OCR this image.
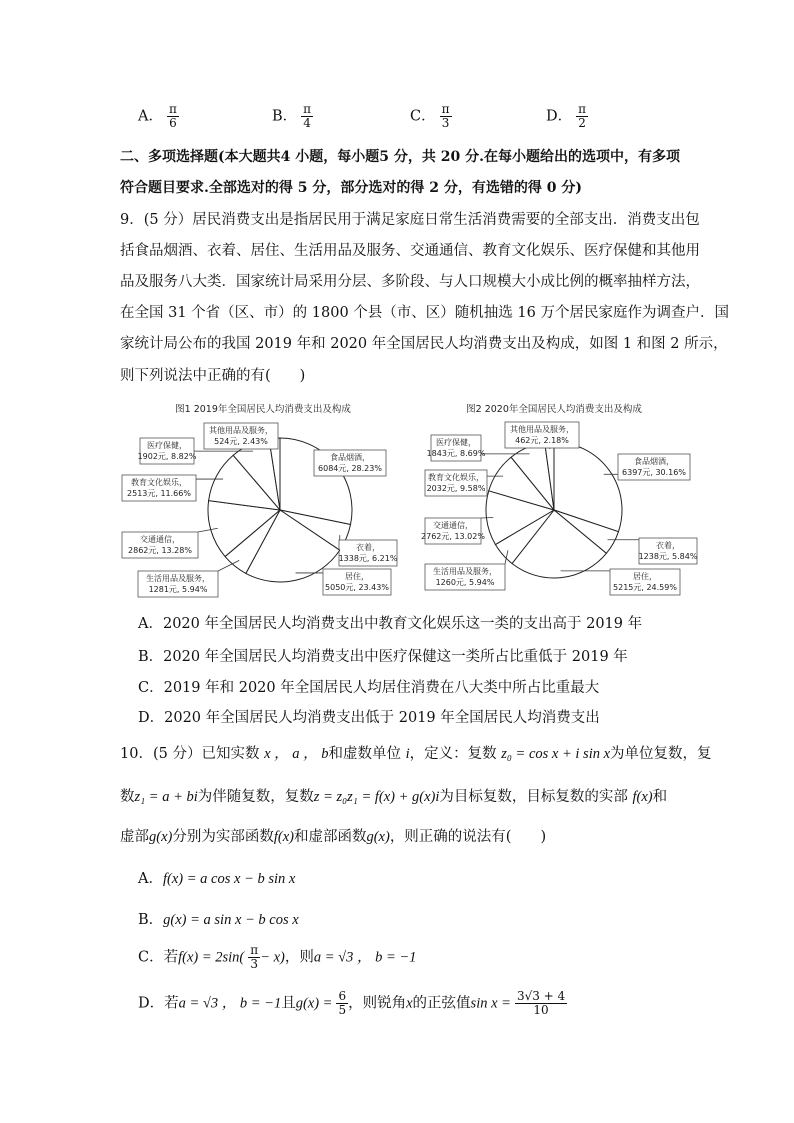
A． $\frac{\pi}{6}$	B． $\frac{\pi}{4}$	C． $\frac{\pi}{3}$	D． $\frac{\pi}{2}$
二、多项选择题(本大题共4 小题，每小题5 分，共 20 分.在每小题给出的选项中，有多项
符合题目要求.全部选对的得 5 分，部分选对的得 2 分，有选错的得 0 分)
9．(5 分）居民消费支出是指居民用于满足家庭日常生活消费需要的全部支出．消费支出包
括食品烟酒、衣着、居住、生活用品及服务、交通通信、教育文化娱乐、医疗保健和其他用
品及服务八大类．国家统计局采用分层、多阶段、与人口规模大小成比例的概率抽样方法，
在全国 31 个省（区、市）的 1800 个县（市、区）随机抽选 16 万个居民家庭作为调查户．国
家统计局公布的我国 2019 年和 2020 年全国居民人均消费支出及构成，如图 1 和图 2 所示，
则下列说法中正确的有(　　)
图1 2019年全国居民人均消费支出及构成	图2 2020年全国居民人均消费支出及构成
食品烟酒，
6084元, 28.23%
衣着，
1338元, 6.21%
居住，
5050元, 23.43%
生活用品及服务，
1281元, 5.94%
交通通信，
2862元, 13.28%
教育文化娱乐，
2513元, 11.66%
医疗保健，
1902元, 8.82%
其他用品及服务，
524元, 2.43%
食品烟酒，
6397元, 30.16%
衣着，
1238元, 5.84%
居住，
5215元, 24.59%
生活用品及服务，
1260元, 5.94%
交通通信，
2762元, 13.02%
教育文化娱乐，
2032元, 9.58%
医疗保健，
1843元, 8.69%
其他用品及服务，
462元, 2.18%
A．2020 年全国居民人均消费支出中教育文化娱乐这一类的支出高于 2019 年
B．2020 年全国居民人均消费支出中医疗保健这一类所占比重低于 2019 年
C．2019 年和 2020 年全国居民人均居住消费在八大类中所占比重最大
D．2020 年全国居民人均消费支出低于 2019 年全国居民人均消费支出
10．(5 分）已知实数 x ， a ， b和虚数单位 i，定义：复数 z₀ = cos x + i sin x为单位复数，复
数z₁ = a + bi为伴随复数，复数z = z₀z₁ = f(x) + g(x)i为目标复数，目标复数的实部 f(x)和
虚部g(x)分别为实部函数f(x)和虚部函数g(x)，则正确的说法有(　　)
A．f(x) = a cos x − b sin x
B．g(x) = a sin x − b cos x
C．若$f(x) = 2\sin( \frac{\pi}{3} - x)$，则a = √3 ， b = −1
D．若a = √3 ， b = −1且$g(x) = \frac{6}{5}$ ，则锐角x的正弦值$\sin x = \frac{3√3 + 4}{10}$
